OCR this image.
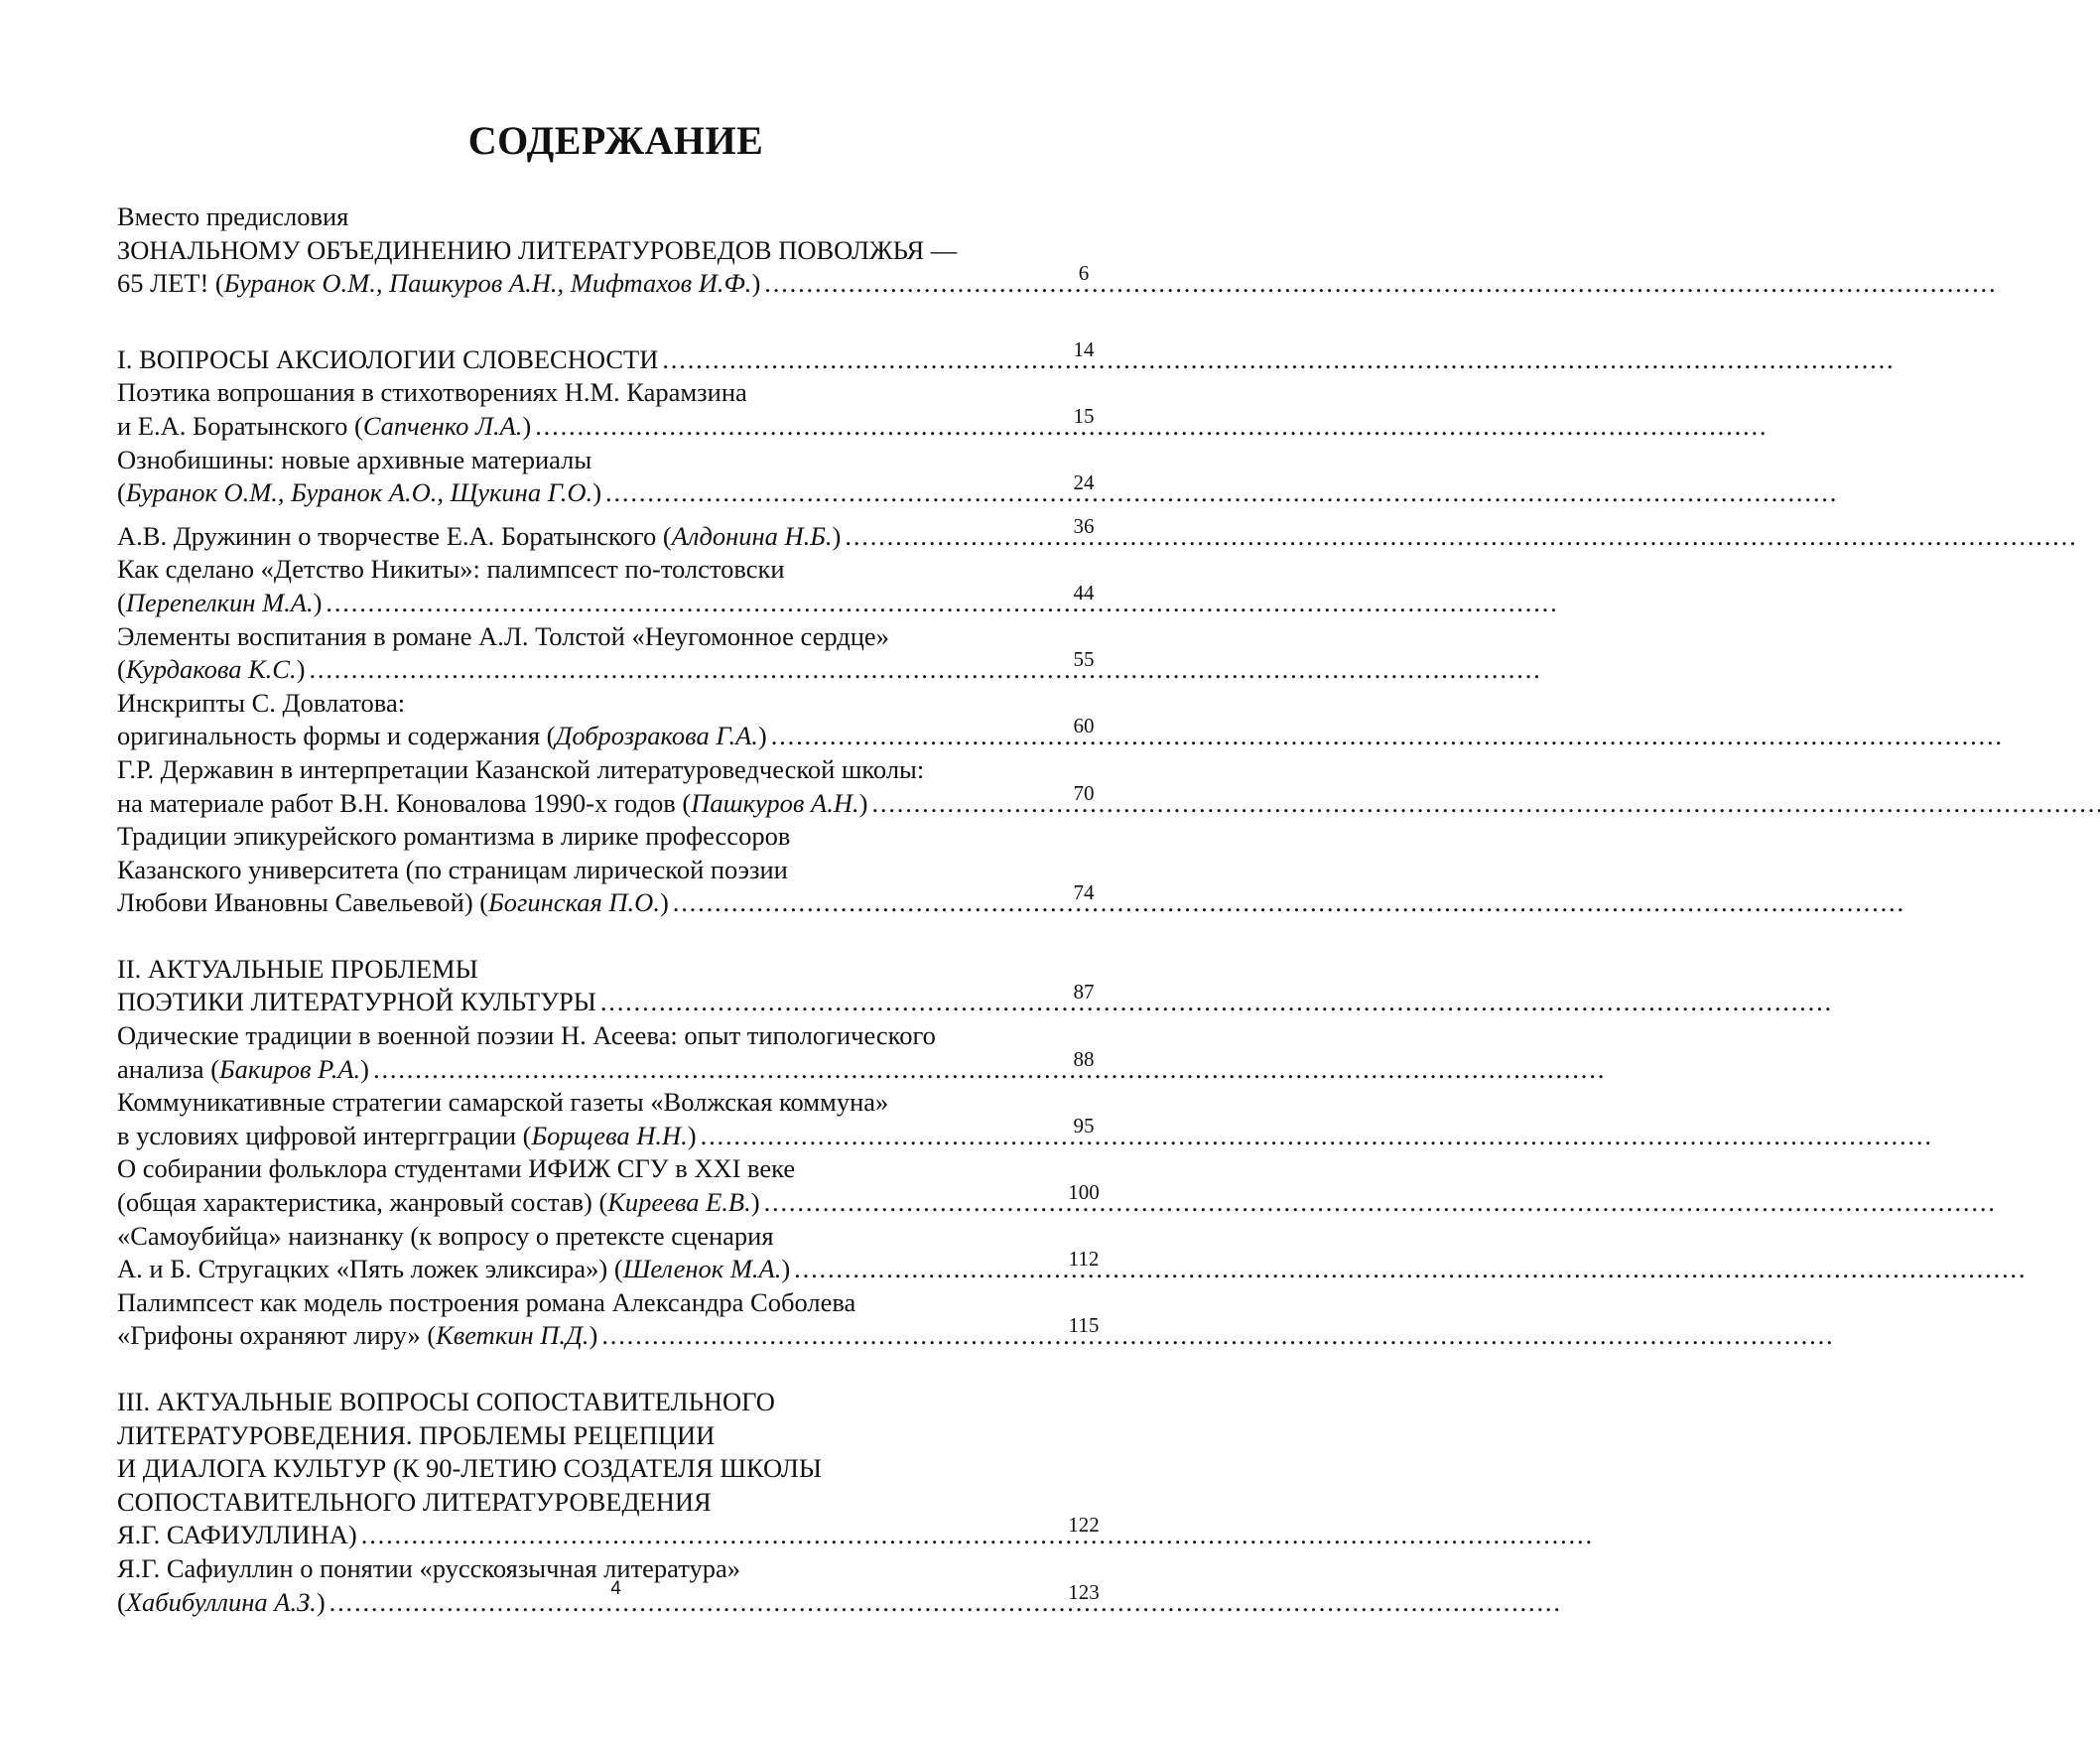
СОДЕРЖАНИЕ
Вместо предисловия
ЗОНАЛЬНОМУ ОБЪЕДИНЕНИЮ ЛИТЕРАТУРОВЕДОВ ПОВОЛЖЬЯ —
65 ЛЕТ! (Буранок О.М., Пашкуров А.Н., Мифтахов И.Ф.) . . .	6
I. ВОПРОСЫ АКСИОЛОГИИ СЛОВЕСНОСТИ . . .	14
Поэтика вопрошания в стихотворениях Н.М. Карамзина
и Е.А. Боратынского (Сапченко Л.А.) . . .	15
Ознобишины: новые архивные материалы
(Буранок О.М., Буранок А.О., Щукина Г.О.) . . .	24
А.В. Дружинин о творчестве Е.А. Боратынского (Алдонина Н.Б.) . . .	36
Как сделано «Детство Никиты»: палимпсест по-толстовски
(Перепелкин М.А.) . . .	44
Элементы воспитания в романе А.Л. Толстой «Неугомонное сердце»
(Курдакова К.С.) . . .	55
Инскрипты С. Довлатова:
оригинальность формы и содержания (Доброзракова Г.А.) . . .	60
Г.Р. Державин в интерпретации Казанской литературоведческой школы:
на материале работ В.Н. Коновалова 1990-х годов (Пашкуров А.Н.) . . .	70
Традиции эпикурейского романтизма в лирике профессоров
Казанского университета (по страницам лирической поэзии
Любови Ивановны Савельевой) (Богинская П.О.) . . .	74
II. АКТУАЛЬНЫЕ ПРОБЛЕМЫ
ПОЭТИКИ ЛИТЕРАТУРНОЙ КУЛЬТУРЫ . . .	87
Одические традиции в военной поэзии Н. Асеева: опыт типологического
анализа (Бакиров Р.А.) . . .	88
Коммуникативные стратегии самарской газеты «Волжская коммуна»
в условиях цифровой интергграции (Борщева Н.Н.) . . .	95
О собирании фольклора студентами ИФИЖ СГУ в XXI веке
(общая характеристика, жанровый состав) (Киреева Е.В.) . . .	100
«Самоубийца» наизнанку (к вопросу о претексте сценария
А. и Б. Стругацких «Пять ложек эликсира») (Шеленок М.А.) . . .	112
Палимпсест как модель построения романа Александра Соболева
«Грифоны охраняют лиру» (Кветкин П.Д.) . . .	115
III. АКТУАЛЬНЫЕ ВОПРОСЫ СОПОСТАВИТЕЛЬНОГО
ЛИТЕРАТУРОВЕДЕНИЯ. ПРОБЛЕМЫ РЕЦЕПЦИИ
И ДИАЛОГА КУЛЬТУР (К 90-ЛЕТИЮ СОЗДАТЕЛЯ ШКОЛЫ
СОПОСТАВИТЕЛЬНОГО ЛИТЕРАТУРОВЕДЕНИЯ
Я.Г. САФИУЛЛИНА) . . .	122
Я.Г. Сафиуллин о понятии «русскоязычная литература»
(Хабибуллина А.З.) . . .	123
4
